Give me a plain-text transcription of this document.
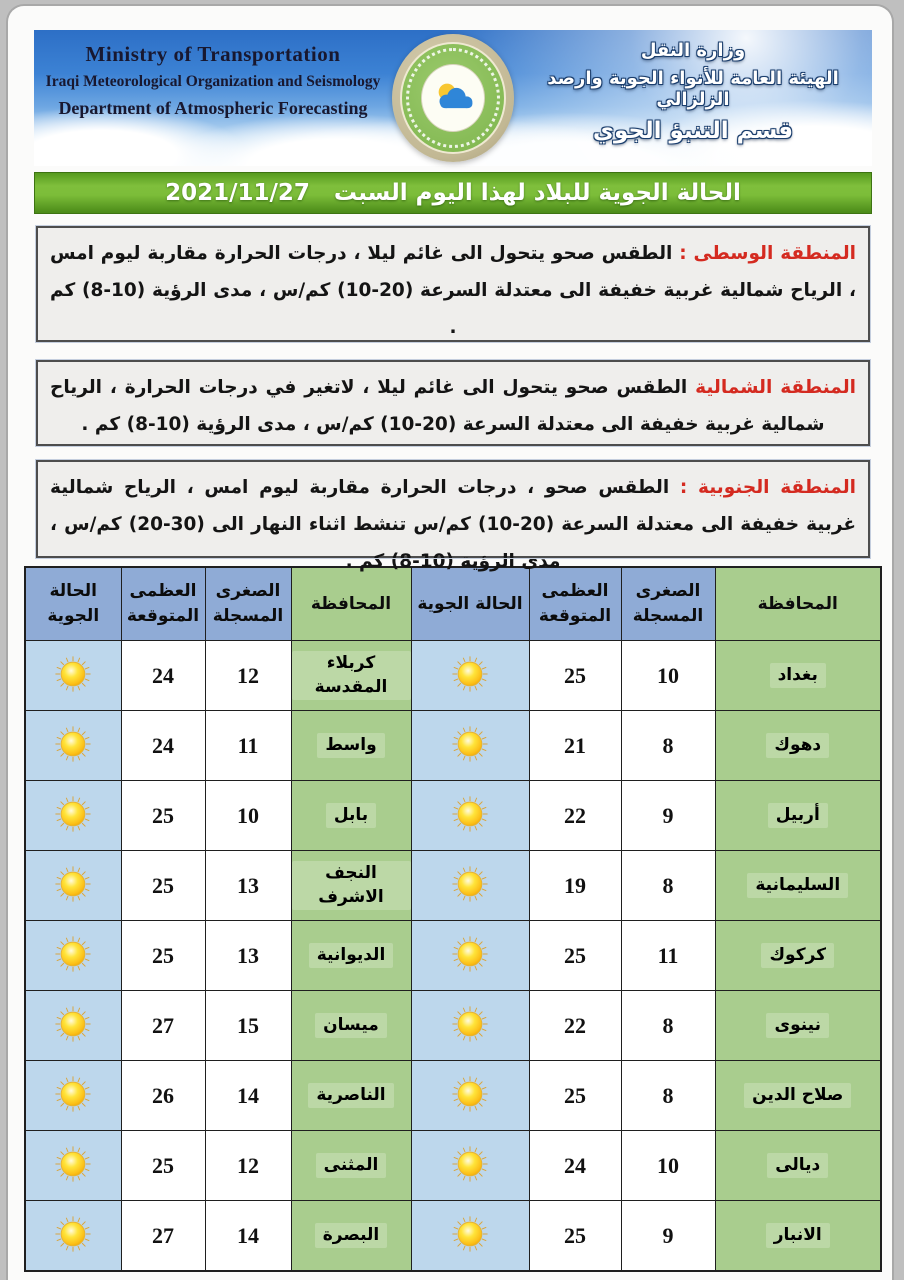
Ministry of Transportation
Iraqi Meteorological Organization and Seismology
Department of Atmospheric Forecasting
وزارة النقل
الهيئة العامة للأنواء الجوية وارصد الزلزالي
قسم التنبؤ الجوي
الحالة الجوية للبلاد لهذا اليوم السبت   2021/11/27

المنطقة الوسطى : الطقس صحو يتحول الى غائم ليلا ، درجات الحرارة مقاربة ليوم امس ، الرياح شمالية غربية خفيفة الى معتدلة السرعة (20-10) كم/س ، مدى الرؤية (10-8) كم .

المنطقة الشمالية الطقس صحو يتحول الى غائم ليلا ، لاتغير في درجات الحرارة ، الرياح شمالية غربية خفيفة الى معتدلة السرعة (20-10) كم/س ، مدى الرؤية (10-8) كم .

المنطقة الجنوبية : الطقس صحو ، درجات الحرارة مقاربة ليوم امس ، الرياح شمالية غربية خفيفة الى معتدلة السرعة (20-10) كم/س تنشط اثناء النهار الى (30-20) كم/س ، مدى الرؤية (10-8) كم .

المحافظة	الصغرى المسجلة	العظمى المتوقعة	الحالة الجوية	المحافظة	الصغرى المسجلة	العظمى المتوقعة	الحالة الجوية
بغداد	10	25		كربلاء المقدسة	12	24	
دهوك	8	21		واسط	11	24	
أربيل	9	22		بابل	10	25	
السليمانية	8	19		النجف الاشرف	13	25	
كركوك	11	25		الديوانية	13	25	
نينوى	8	22		ميسان	15	27	
صلاح الدين	8	25		الناصرية	14	26	
ديالى	10	24		المثنى	12	25	
الانبار	9	25		البصرة	14	27	
